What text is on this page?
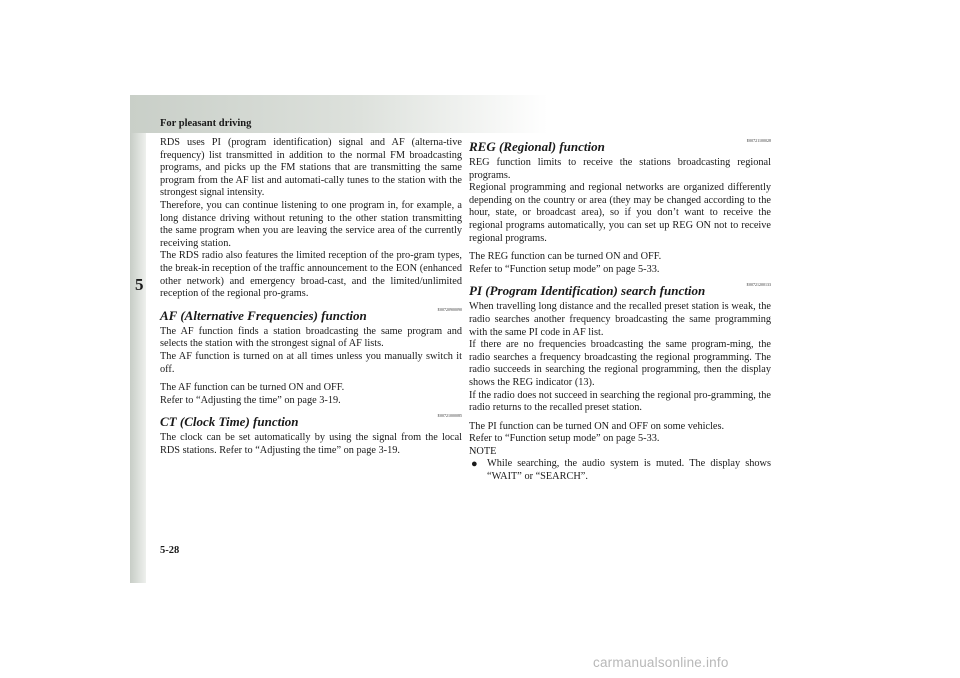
For pleasant driving
5

RDS uses PI (program identification) signal and AF (alterna-tive frequency) list transmitted in addition to the normal FM broadcasting programs, and picks up the FM stations that are transmitting the same program from the AF list and automati-cally tunes to the station with the strongest signal intensity.

Therefore, you can continue listening to one program in, for example, a long distance driving without retuning to the other station transmitting the same program when you are leaving the service area of the currently receiving station.

The RDS radio also features the limited reception of the pro-gram types, the break-in reception of the traffic announcement to the EON (enhanced other network) and emergency broad-cast, and the limited/unlimited reception of the regional pro-grams.

AF (Alternative Frequencies) function	E00720900090

The AF function finds a station broadcasting the same program and selects the station with the strongest signal of AF lists.

The AF function is turned on at all times unless you manually switch it off.

The AF function can be turned ON and OFF.

Refer to “Adjusting the time” on page 3-19.

CT (Clock Time) function	E00721000085

The clock can be set automatically by using the signal from the local RDS stations. Refer to “Adjusting the time” on page 3-19.

REG (Regional) function	E00721100028

REG function limits to receive the stations broadcasting regional programs.

Regional programming and regional networks are organized differently depending on the country or area (they may be changed according to the hour, state, or broadcast area), so if you don’t want to receive the regional programs automatically, you can set up REG ON not to receive regional programs.

The REG function can be turned ON and OFF.

Refer to “Function setup mode” on page 5-33.

PI (Program Identification) search function	E00721200133

When travelling long distance and the recalled preset station is weak, the radio searches another frequency broadcasting the same programming with the same PI code in AF list.

If there are no frequencies broadcasting the same program-ming, the radio searches a frequency broadcasting the regional programming. The radio succeeds in searching the regional programming, then the display shows the REG indicator (13).

If the radio does not succeed in searching the regional pro-gramming, the radio returns to the recalled preset station.

The PI function can be turned ON and OFF on some vehicles.

Refer to “Function setup mode” on page 5-33.

NOTE

● While searching, the audio system is muted. The display shows “WAIT” or “SEARCH”.

5-28
carmanualsonline.info
